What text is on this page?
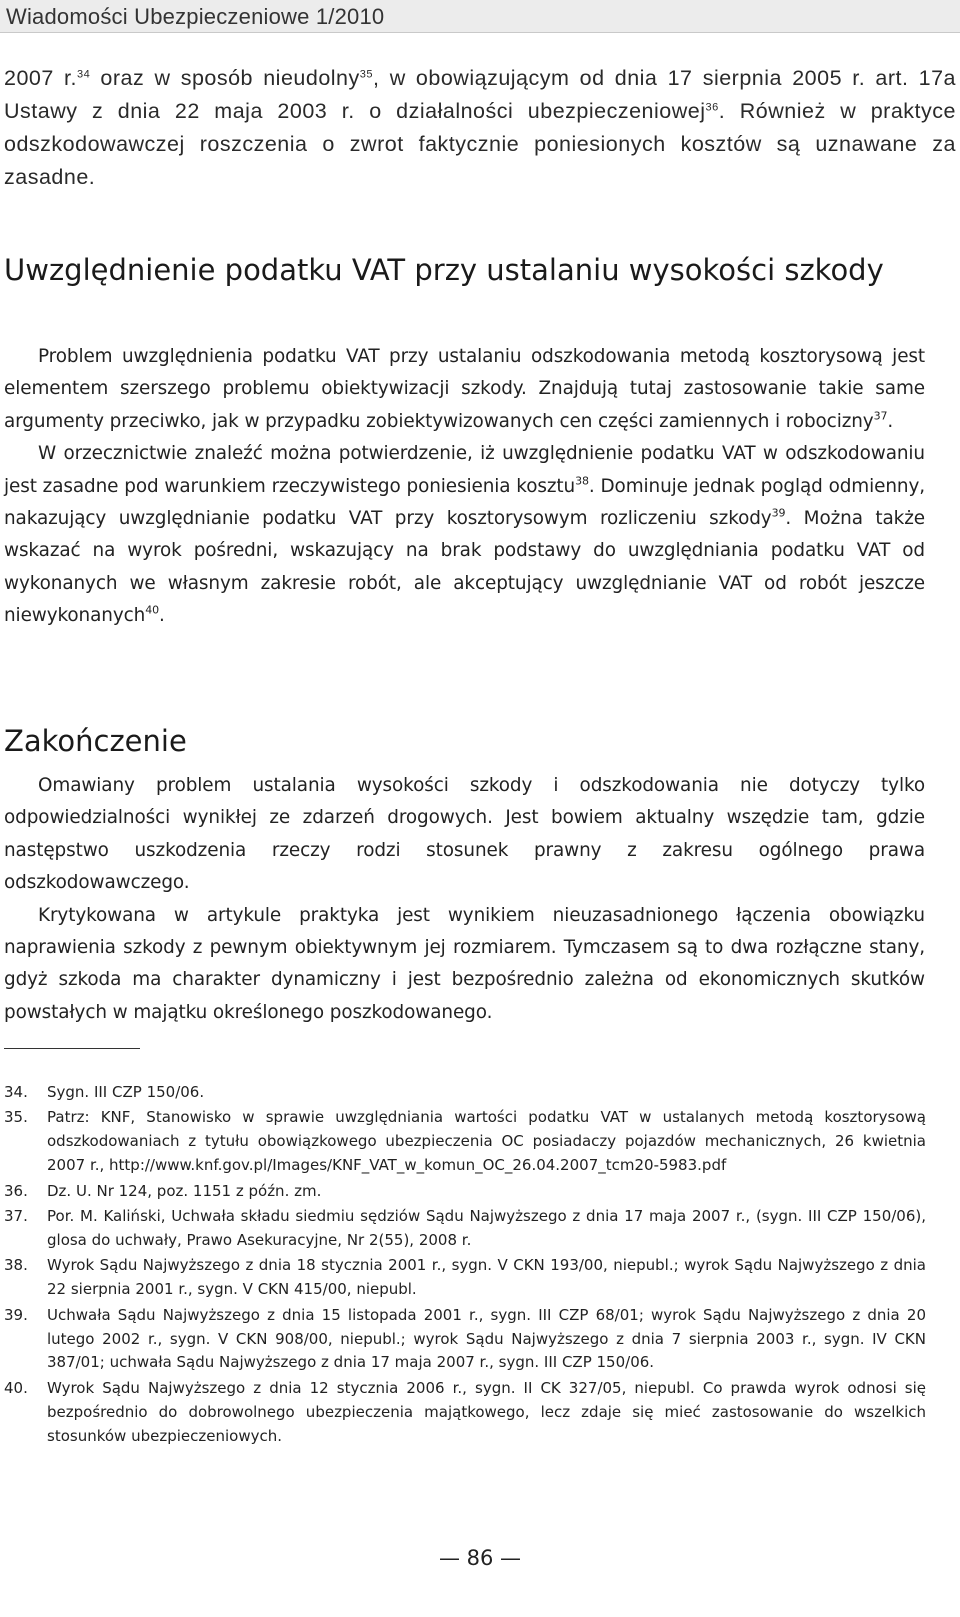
Wiadomości Ubezpieczeniowe 1/2010
2007 r.$^{34}$ oraz w sposób nieudolny$^{35}$, w obowiązującym od dnia 17 sierpnia 2005 r. art. 17a Ustawy z dnia 22 maja 2003 r. o działalności ubezpieczeniowej$^{36}$. Również w praktyce odszkodowawczej roszczenia o zwrot faktycznie poniesionych kosztów są uznawane za zasadne.
Uwzględnienie podatku VAT przy ustalaniu wysokości szkody

Problem uwzględnienia podatku VAT przy ustalaniu odszkodowania metodą kosztorysową jest elementem szerszego problemu obiektywizacji szkody. Znajdują tutaj zastosowanie takie same argumenty przeciwko, jak w przypadku zobiektywizowanych cen części zamiennych i robocizny$^{37}$.

W orzecznictwie znaleźć można potwierdzenie, iż uwzględnienie podatku VAT w odszkodowaniu jest zasadne pod warunkiem rzeczywistego poniesienia kosztu$^{38}$. Dominuje jednak pogląd odmienny, nakazujący uwzględnianie podatku VAT przy kosztorysowym rozliczeniu szkody$^{39}$. Można także wskazać na wyrok pośredni, wskazujący na brak podstawy do uwzględniania podatku VAT od wykonanych we własnym zakresie robót, ale akceptujący uwzględnianie VAT od robót jeszcze niewykonanych$^{40}$.

Zakończenie

Omawiany problem ustalania wysokości szkody i odszkodowania nie dotyczy tylko odpowiedzialności wynikłej ze zdarzeń drogowych. Jest bowiem aktualny wszędzie tam, gdzie następstwo uszkodzenia rzeczy rodzi stosunek prawny z zakresu ogólnego prawa odszkodowawczego.

Krytykowana w artykule praktyka jest wynikiem nieuzasadnionego łączenia obowiązku naprawienia szkody z pewnym obiektywnym jej rozmiarem. Tymczasem są to dwa rozłączne stany, gdyż szkoda ma charakter dynamiczny i jest bezpośrednio zależna od ekonomicznych skutków powstałych w majątku określonego poszkodowanego.

34.	Sygn. III CZP 150/06.
35.	Patrz: KNF, Stanowisko w sprawie uwzględniania wartości podatku VAT w ustalanych metodą kosztorysową odszkodowaniach z tytułu obowiązkowego ubezpieczenia OC posiadaczy pojazdów mechanicznych, 26 kwietnia 2007 r., http://www.knf.gov.pl/Images/KNF_VAT_w_komun_OC_26.04.2007_tcm20-5983.pdf
36.	Dz. U. Nr 124, poz. 1151 z późn. zm.
37.	Por. M. Kaliński, Uchwała składu siedmiu sędziów Sądu Najwyższego z dnia 17 maja 2007 r., (sygn. III CZP 150/06), glosa do uchwały, Prawo Asekuracyjne, Nr 2(55), 2008 r.
38.	Wyrok Sądu Najwyższego z dnia 18 stycznia 2001 r., sygn. V CKN 193/00, niepubl.; wyrok Sądu Najwyższego z dnia 22 sierpnia 2001 r., sygn. V CKN 415/00, niepubl.
39.	Uchwała Sądu Najwyższego z dnia 15 listopada 2001 r., sygn. III CZP 68/01; wyrok Sądu Najwyższego z dnia 20 lutego 2002 r., sygn. V CKN 908/00, niepubl.; wyrok Sądu Najwyższego z dnia 7 sierpnia 2003 r., sygn. IV CKN 387/01; uchwała Sądu Najwyższego z dnia 17 maja 2007 r., sygn. III CZP 150/06.
40.	Wyrok Sądu Najwyższego z dnia 12 stycznia 2006 r., sygn. II CK 327/05, niepubl. Co prawda wyrok odnosi się bezpośrednio do dobrowolnego ubezpieczenia majątkowego, lecz zdaje się mieć zastosowanie do wszelkich stosunków ubezpieczeniowych.
— 86 —
